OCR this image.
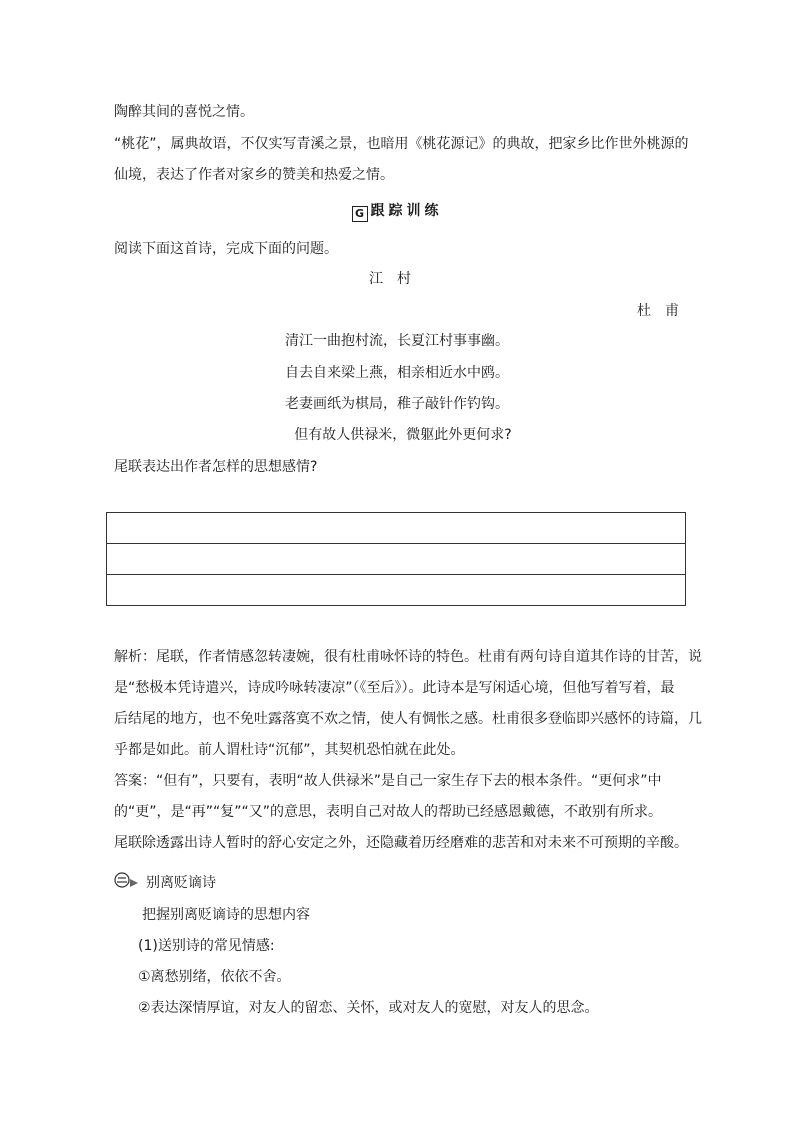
陶醉其间的喜悦之情。
“桃花”，属典故语，不仅实写青溪之景，也暗用《桃花源记》的典故，把家乡比作世外桃源的
仙境，表达了作者对家乡的赞美和热爱之情。
G 跟踪训练
阅读下面这首诗，完成下面的问题。
江村
杜甫
清江一曲抱村流，长夏江村事事幽。
自去自来梁上燕，相亲相近水中鸥。
老妻画纸为棋局，稚子敲针作钓钩。
但有故人供禄米，微躯此外更何求?
尾联表达出作者怎样的思想感情?
解析：尾联，作者情感忽转凄婉，很有杜甫咏怀诗的特色。杜甫有两句诗自道其作诗的甘苦，说
是“愁极本凭诗遣兴，诗成吟咏转凄凉”（《至后》）。此诗本是写闲适心境，但他写着写着，最
后结尾的地方，也不免吐露落寞不欢之情，使人有惆怅之感。杜甫很多登临即兴感怀的诗篇，几
乎都是如此。前人谓杜诗“沉郁”，其契机恐怕就在此处。
答案：“但有”，只要有，表明“故人供禄米”是自己一家生存下去的根本条件。“更何求”中
的“更”，是“再”“复”“又”的意思，表明自己对故人的帮助已经感恩戴德，不敢别有所求。
尾联除透露出诗人暂时的舒心安定之外，还隐藏着历经磨难的悲苦和对未来不可预期的辛酸。
别离贬谪诗
把握别离贬谪诗的思想内容
(1)送别诗的常见情感:
①离愁别绪，依依不舍。
②表达深情厚谊，对友人的留恋、关怀，或对友人的宽慰，对友人的思念。
